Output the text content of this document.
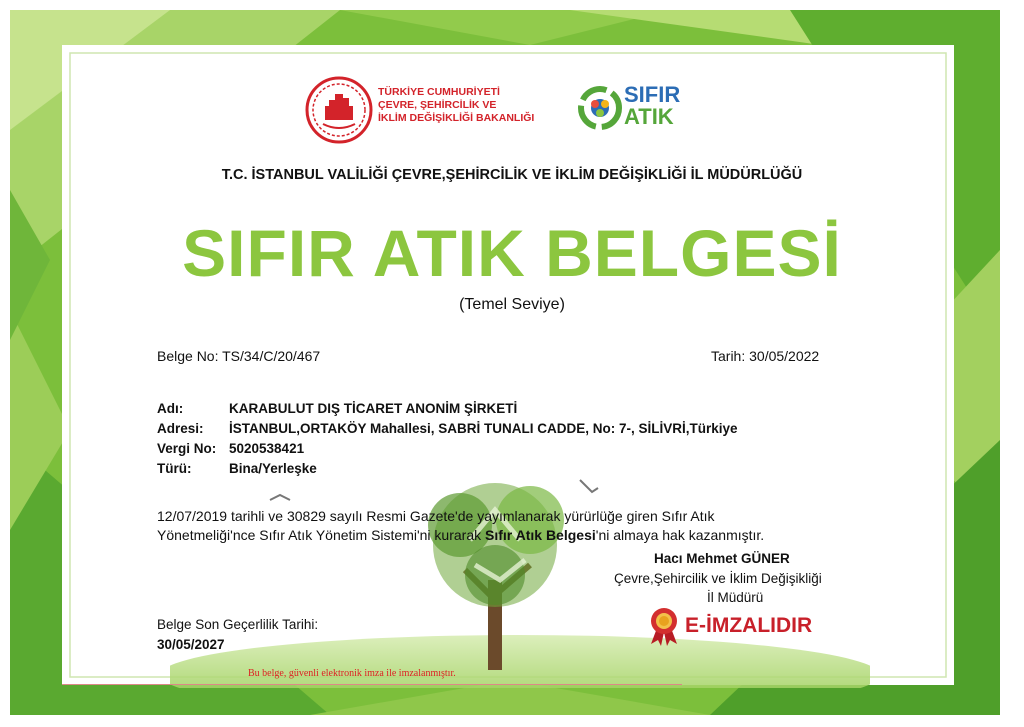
TÜRKİYE CUMHURİYETİ
ÇEVRE, ŞEHİRCİLİK VE
İKLİM DEĞİŞİKLİĞİ BAKANLIĞI
SIFIR
ATIK
T.C. İSTANBUL VALİLİĞİ ÇEVRE,ŞEHİRCİLİK VE İKLİM DEĞİŞİKLİĞİ İL MÜDÜRLÜĞÜ
SIFIR ATIK BELGESİ
(Temel Seviye)
Belge No: TS/34/C/20/467	Tarih: 30/05/2022
Adı:	KARABULUT DIŞ TİCARET ANONİM ŞİRKETİ
Adresi: İSTANBUL,ORTAKÖY Mahallesi, SABRİ TUNALI CADDE, No: 7-, SİLİVRİ,Türkiye
Vergi No: 5020538421
Türü:	Bina/Yerleşke
12/07/2019 tarihli ve 30829 sayılı Resmi Gazete'de yayımlanarak yürürlüğe giren Sıfır Atık
Yönetmeliği'nce Sıfır Atık Yönetim Sistemi'ni kurarak Sıfır Atık Belgesi'ni almaya hak kazanmıştır.
Hacı Mehmet GÜNER
Çevre,Şehircilik ve İklim Değişikliği
İl Müdürü
E-İMZALIDIR
Belge Son Geçerlilik Tarihi:
30/05/2027
Bu belge, güvenli elektronik imza ile imzalanmıştır.
